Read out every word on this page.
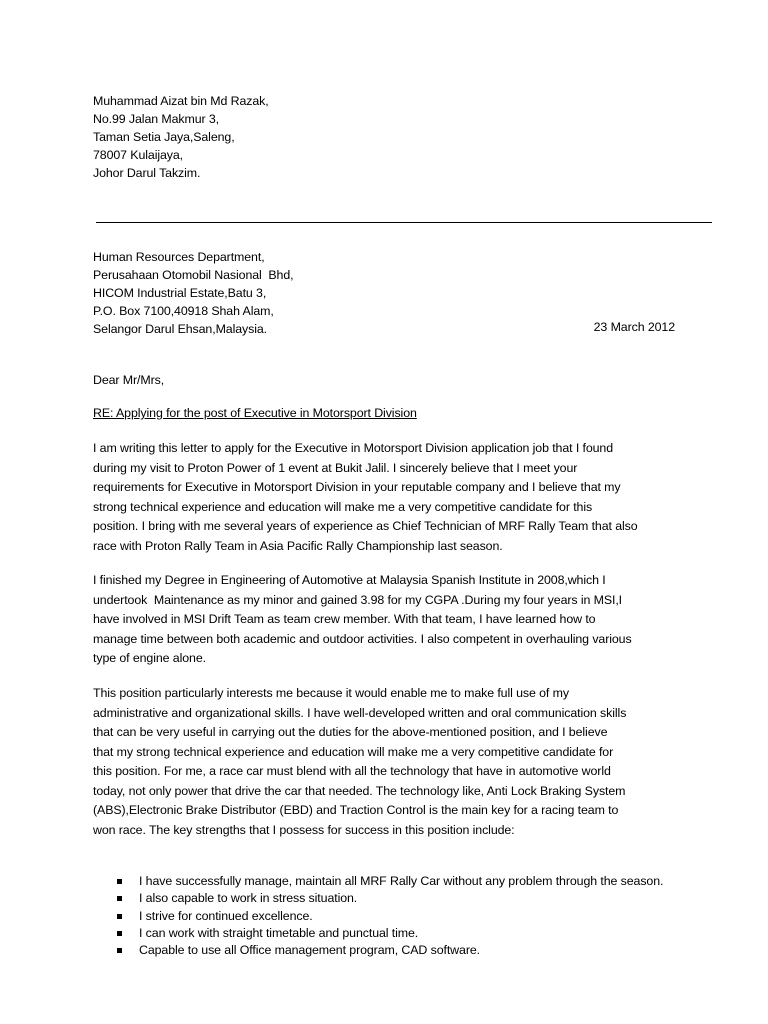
Muhammad Aizat bin Md Razak,
No.99 Jalan Makmur 3,
Taman Setia Jaya,Saleng,
78007 Kulaijaya,
Johor Darul Takzim.
Human Resources Department,
Perusahaan Otomobil Nasional  Bhd,
HICOM Industrial Estate,Batu 3,
P.O. Box 7100,40918 Shah Alam,
Selangor Darul Ehsan,Malaysia.	23 March 2012
Dear Mr/Mrs,
RE: Applying for the post of Executive in Motorsport Division
I am writing this letter to apply for the Executive in Motorsport Division application job that I found
during my visit to Proton Power of 1 event at Bukit Jalil. I sincerely believe that I meet your
requirements for Executive in Motorsport Division in your reputable company and I believe that my
strong technical experience and education will make me a very competitive candidate for this
position. I bring with me several years of experience as Chief Technician of MRF Rally Team that also
race with Proton Rally Team in Asia Pacific Rally Championship last season.
I finished my Degree in Engineering of Automotive at Malaysia Spanish Institute in 2008,which I
undertook  Maintenance as my minor and gained 3.98 for my CGPA .During my four years in MSI,I
have involved in MSI Drift Team as team crew member. With that team, I have learned how to
manage time between both academic and outdoor activities. I also competent in overhauling various
type of engine alone.
This position particularly interests me because it would enable me to make full use of my
administrative and organizational skills. I have well-developed written and oral communication skills
that can be very useful in carrying out the duties for the above-mentioned position, and I believe
that my strong technical experience and education will make me a very competitive candidate for
this position. For me, a race car must blend with all the technology that have in automotive world
today, not only power that drive the car that needed. The technology like, Anti Lock Braking System
(ABS),Electronic Brake Distributor (EBD) and Traction Control is the main key for a racing team to
won race. The key strengths that I possess for success in this position include:
I have successfully manage, maintain all MRF Rally Car without any problem through the season.
I also capable to work in stress situation.
I strive for continued excellence.
I can work with straight timetable and punctual time.
Capable to use all Office management program, CAD software.
